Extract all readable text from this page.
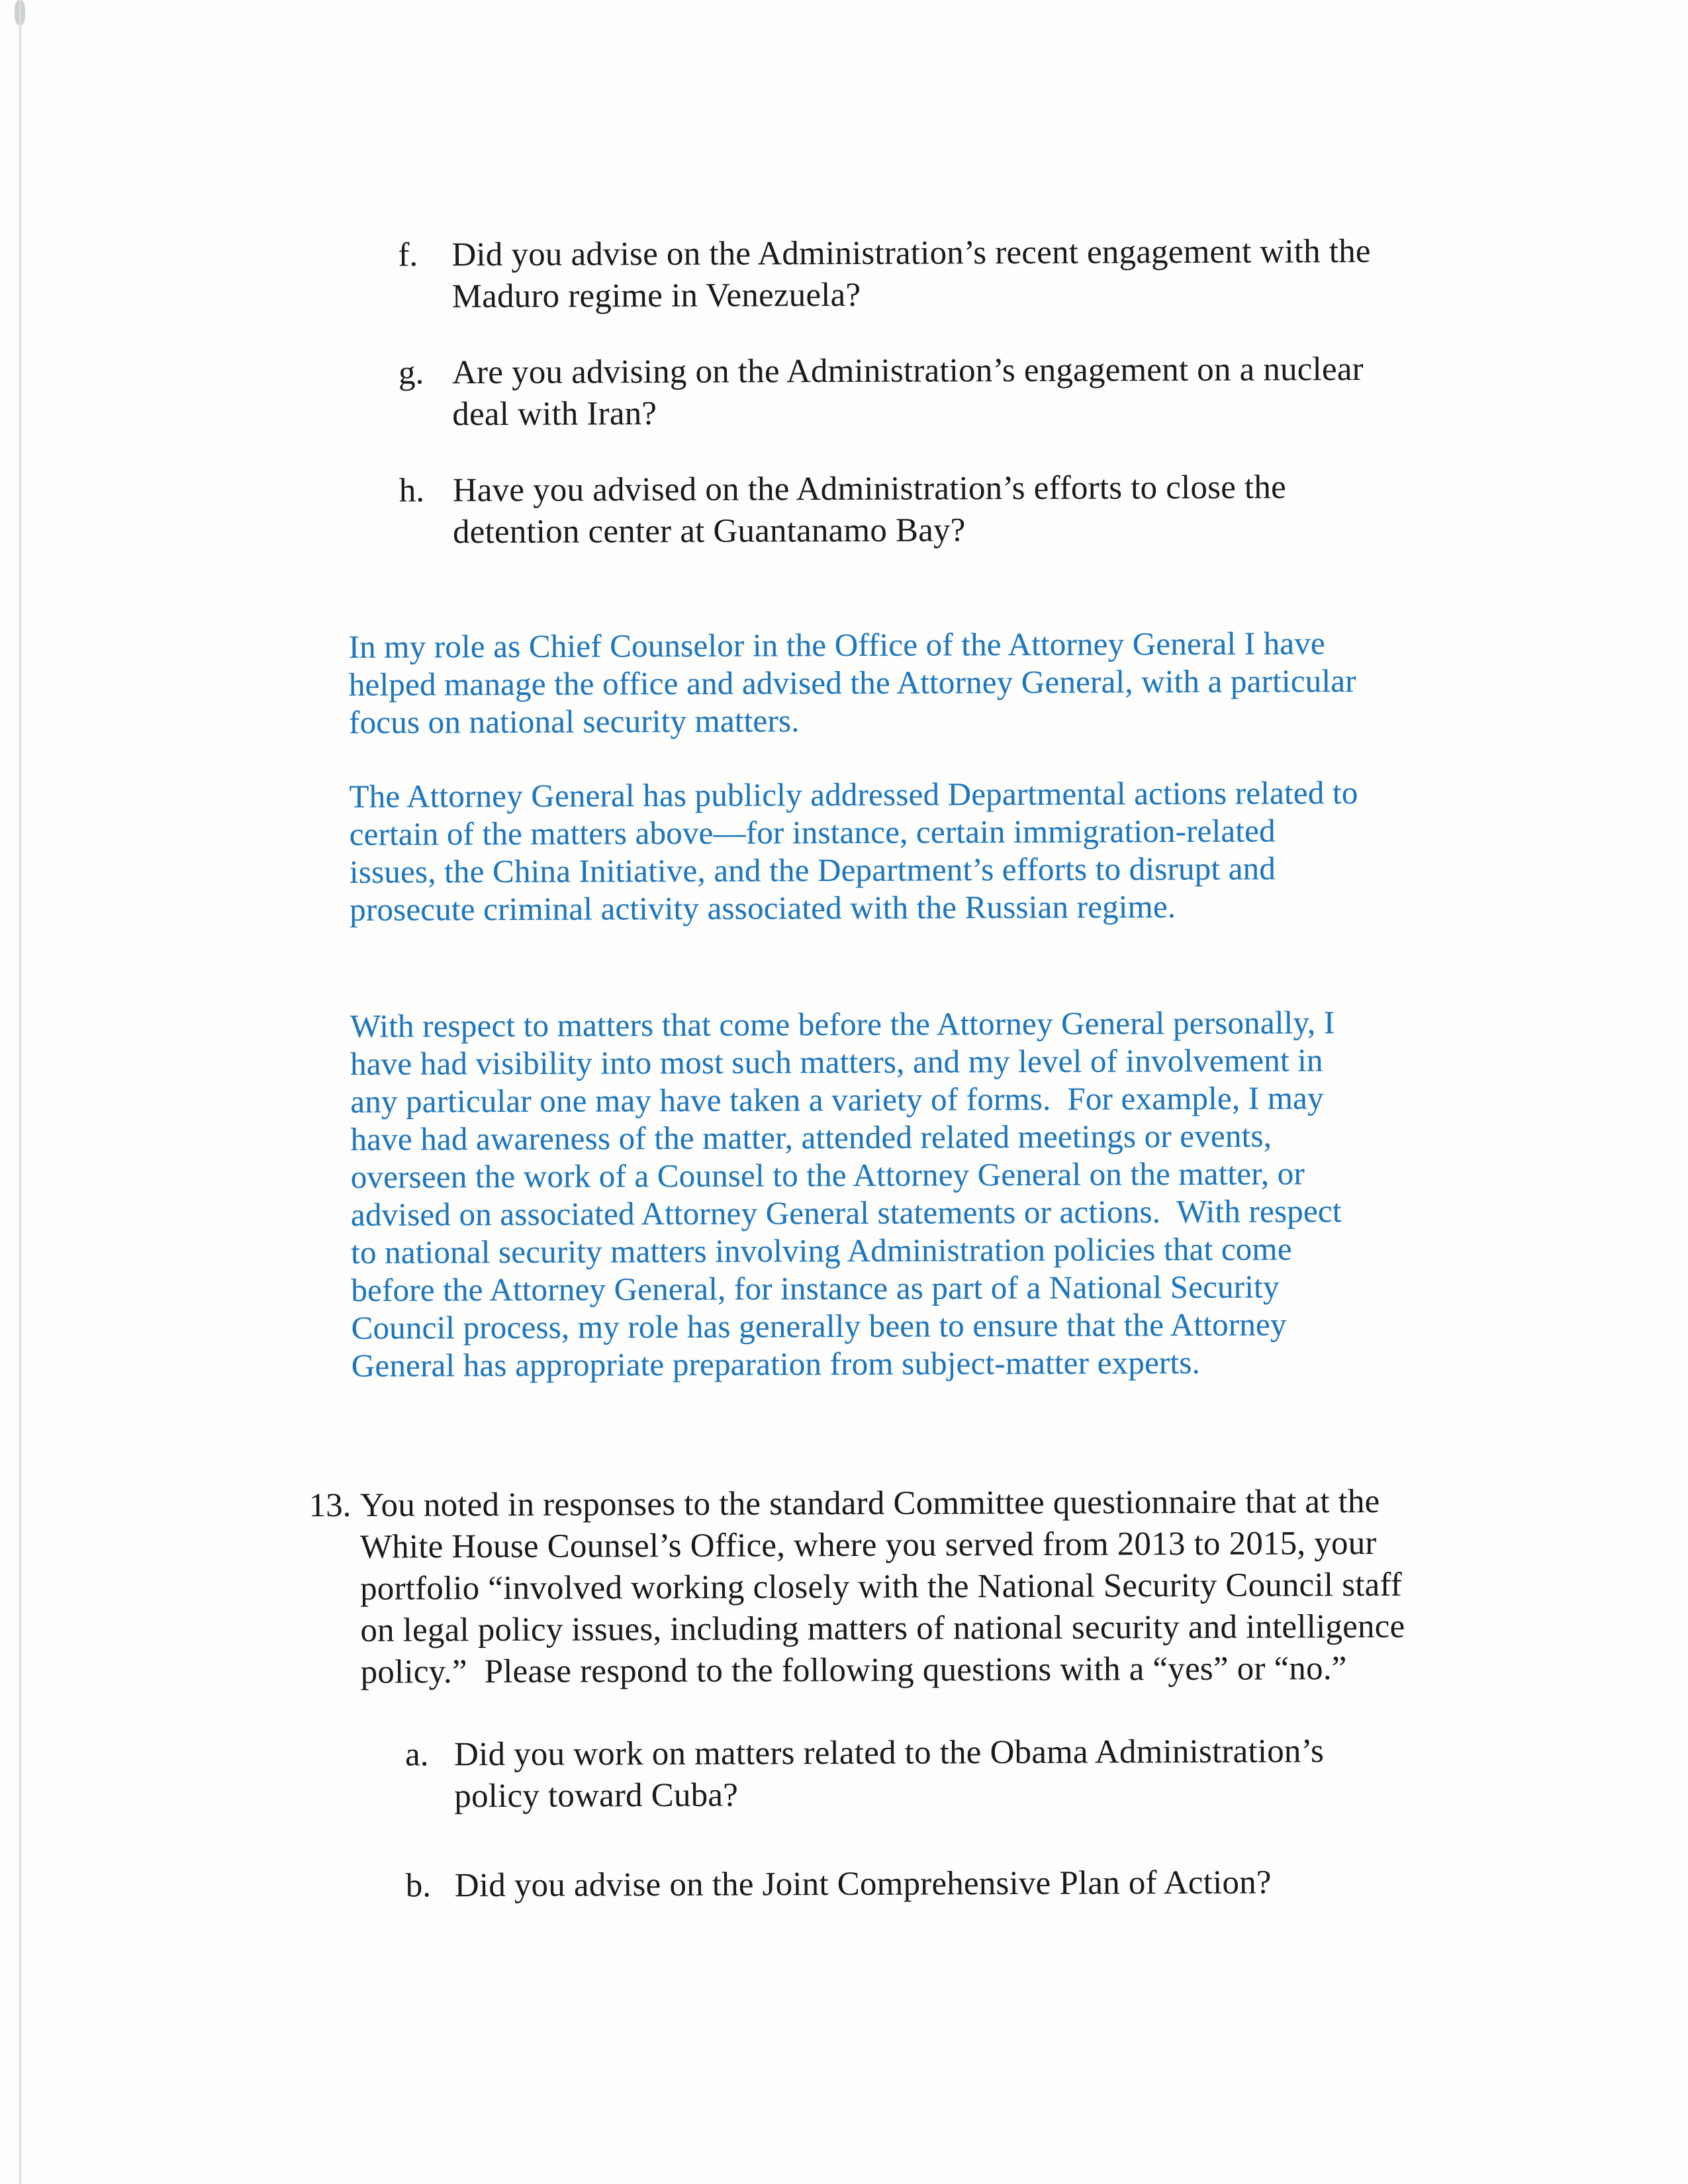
f. Did you advise on the Administration’s recent engagement with the
Maduro regime in Venezuela?
g. Are you advising on the Administration’s engagement on a nuclear
deal with Iran?
h. Have you advised on the Administration’s efforts to close the
detention center at Guantanamo Bay?
In my role as Chief Counselor in the Office of the Attorney General I have
helped manage the office and advised the Attorney General, with a particular
focus on national security matters.
The Attorney General has publicly addressed Departmental actions related to
certain of the matters above—for instance, certain immigration-related
issues, the China Initiative, and the Department’s efforts to disrupt and
prosecute criminal activity associated with the Russian regime.
With respect to matters that come before the Attorney General personally, I
have had visibility into most such matters, and my level of involvement in
any particular one may have taken a variety of forms.  For example, I may
have had awareness of the matter, attended related meetings or events,
overseen the work of a Counsel to the Attorney General on the matter, or
advised on associated Attorney General statements or actions.  With respect
to national security matters involving Administration policies that come
before the Attorney General, for instance as part of a National Security
Council process, my role has generally been to ensure that the Attorney
General has appropriate preparation from subject-matter experts.
13. You noted in responses to the standard Committee questionnaire that at the
White House Counsel’s Office, where you served from 2013 to 2015, your
portfolio “involved working closely with the National Security Council staff
on legal policy issues, including matters of national security and intelligence
policy.”  Please respond to the following questions with a “yes” or “no.”
a. Did you work on matters related to the Obama Administration’s
policy toward Cuba?
b. Did you advise on the Joint Comprehensive Plan of Action?
